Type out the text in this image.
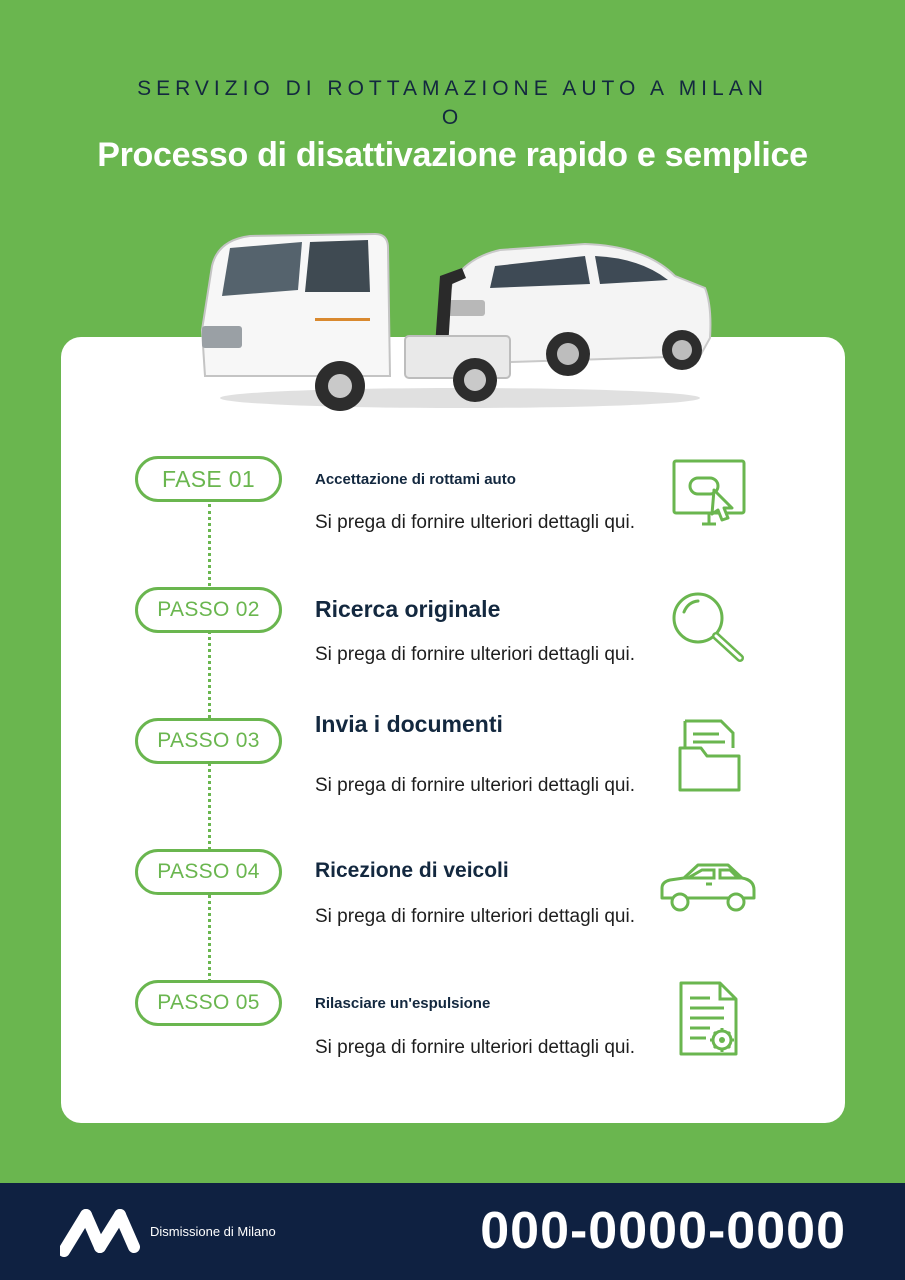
SERVIZIO DI ROTTAMAZIONE AUTO A MILANO
Processo di disattivazione rapido e semplice
FASE 01	Accettazione di rottami auto
Si prega di fornire ulteriori dettagli qui.
PASSO 02	Ricerca originale
Si prega di fornire ulteriori dettagli qui.
PASSO 03
Invia i documenti
Si prega di fornire ulteriori dettagli qui.
PASSO 04	Ricezione di veicoli
Si prega di fornire ulteriori dettagli qui.
PASSO 05	Rilasciare un'espulsione
Si prega di fornire ulteriori dettagli qui.
Dismissione di Milano	000-0000-0000
